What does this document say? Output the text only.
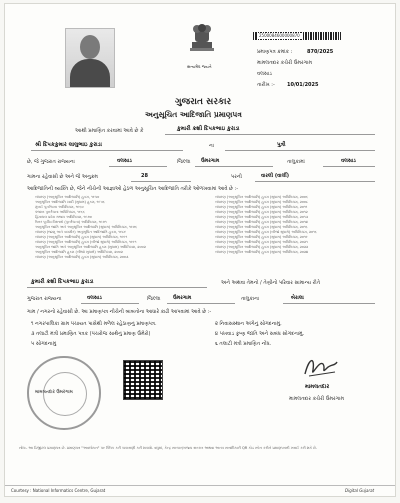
સત્યમેવ જયતે
2500084600000870
પ્રમાણપત્ર ક્રમાંક :	870/2025
મામલતદાર કચેરી ઉમરગામ
વલસાડ
તારીખ :- 10/01/2025
ગુજરાત સરકાર
અનુસૂચિત આદિજાતિ પ્રમાણપત્ર
આથી પ્રમાણિત કરવામાં આવે છે કે	કુમારી ક્રશી દિપકભાઇ કુરાડા
શ્રી દિપકકુમાર લાલુભાઇ કુરાડા	ના	પુત્રી
છે, જે ગુજરાત રાજ્યના	વલસાડ	જિલ્લા ઉમરગામ	તાલુકામાં	વલસાડ
ગામના રહેવાસી છે અને જે અનુક્રમ	28	પરની	વારલી (વાર્લી)
આદિજાતિની વ્યક્તિ છે, જેને નીચેની આજ્ઞાઓ હેઠળ અનુસૂચિત આદિજાતિ તરીકે ઓળખવામાં આવે છે :-
બંધારણ (અનુસૂચિત આદિજાતિ) હુકમ, ૧૯૫૦
અનુસૂચિત આદિજાતિ યાદી (સુધારા) હુકમ, ૧૯૫૬
મુંબઈ પુનર્રચના અધિનિયમ, ૧૯૬૦
પંજાબ પુનર્રચના અધિનિયમ, ૧૯૬૬
હિમાચલ પ્રદેશ રાજ્ય અધિનિયમ, ૧૯૭૦
ઉત્તર પૂર્વીય વિસ્તારો (પુનર્રચના) અધિનિયમ, ૧૯૭૧
અનુસૂચિત જાતિ અને અનુસૂચિત આદિજાતિ (સુધારા) અધિનિયમ, ૧૯૭૬
બંધારણ (જમ્મુ અને કાશ્મીર) અનુસૂચિત આદિજાતિ હુકમ, ૧૯૮૯
બંધારણ (અનુસૂચિત આદિજાતિ) હુકમ (સુધારા) અધિનિયમ, ૧૯૯૧
બંધારણ (અનુસૂચિત આદિજાતિ) હુકમ (બીજો સુધારો) અધિનિયમ, ૧૯૯૧
અનુસૂચિત જાતિ અને અનુસૂચિત આદિજાતિ હુકમ (સુધારા) અધિનિયમ, ૨૦૦૨
અનુસૂચિત આદિજાતિ હુકમ (બીજો સુધારો) અધિનિયમ, ૨૦૦૨
બંધારણ (અનુસૂચિત આદિજાતિ) હુકમ (સુધારા) અધિનિયમ, ૨૦૦૩
બંધારણ (અનુસૂચિત આદિજાતિ) હુકમ (સુધારા) અધિનિયમ, ૨૦૦૬
બંધારણ (અનુસૂચિત આદિજાતિ) હુકમ (સુધારા) અધિનિયમ, ૨૦૦૮
બંધારણ (અનુસૂચિત આદિજાતિ) હુકમ (સુધારા) અધિનિયમ, ૨૦૧૧
બંધારણ (અનુસૂચિત આદિજાતિ) હુકમ (સુધારા) અધિનિયમ, ૨૦૧૨
બંધારણ (અનુસૂચિત આદિજાતિ) હુકમ (સુધારા) અધિનિયમ, ૨૦૧૩
બંધારણ (અનુસૂચિત આદિજાતિ) હુકમ (સુધારા) અધિનિયમ, ૨૦૧૪
બંધારણ (અનુસૂચિત આદિજાતિ) હુકમ (સુધારા) અધિનિયમ, ૨૦૧૬
બંધારણ (અનુસૂચિત આદિજાતિ) હુકમ (બીજો સુધારો) અધિનિયમ, ૨૦૧૬
બંધારણ (અનુસૂચિત આદિજાતિ) હુકમ (સુધારા) અધિનિયમ, ૨૦૧૯
બંધારણ (અનુસૂચિત આદિજાતિ) હુકમ (સુધારા) અધિનિયમ, ૨૦૨૧
બંધારણ (અનુસૂચિત આદિજાતિ) હુકમ (સુધારા) અધિનિયમ, ૨૦૨૨
બંધારણ (અનુસૂચિત આદિજાતિ) હુકમ (સુધારા) અધિનિયમ, ૨૦૨૪
કુમારી ક્રશી દિપકભાઇ કુરાડા	અને અથવા તેમનો / તેણીનો પરિવાર સામાન્ય રીતે
ગુજરાત રાજ્યના	વલસાડ	જિલ્લા	ઉમરગામ	તાલુકાના	બેરાલા
ગામ / નગરનો રહેવાસી છે. આ પ્રમાણપત્ર નીચેની બાબતોના આધારે કાઢી આપવામાં આવે છે :-
૧ નગરપાલિકા ગ્રામ પંચાયત પાસેથી મળેલ રહેઠાણનું પ્રમાણપત્ર.	૨ નિવાસસ્થાન અંગેનું સોગંદનામું.
૩ તલાટી મંત્રી પ્રમાણિત પત્રક (પંચરોજ સાથેનું પ્રમાણ ઉમેરો)	૪ પખવાડ કૃષ્ણ જાતિ અને સબંધ સોગંદનામું.
૫ સોગંદનામું	૬ તલાટી મંત્રી પ્રમાણિત નોંધ.
મામલતદાર ઉમરગામ
મામલતદાર
મામલતદાર કચેરી ઉમરગામ
નોંધ:- આ ડિજીટલ પ્રમાણપત્ર છે. પ્રમાણપત્ર "અવલોકન" પર ક્લિક કરી ચકાસણી કરી શકાશે. વધુમાં, કેન્દ્ર સરકાર/રાજ્ય સરકાર અથવા અન્ય સત્તાધિકારી QR કોડ સ્કેન કરીને પ્રમાણપત્રની ખરાઈ કરી શકે છે.
Courtesy : National Informatics Centre, Gujarat	Digital Gujarat
